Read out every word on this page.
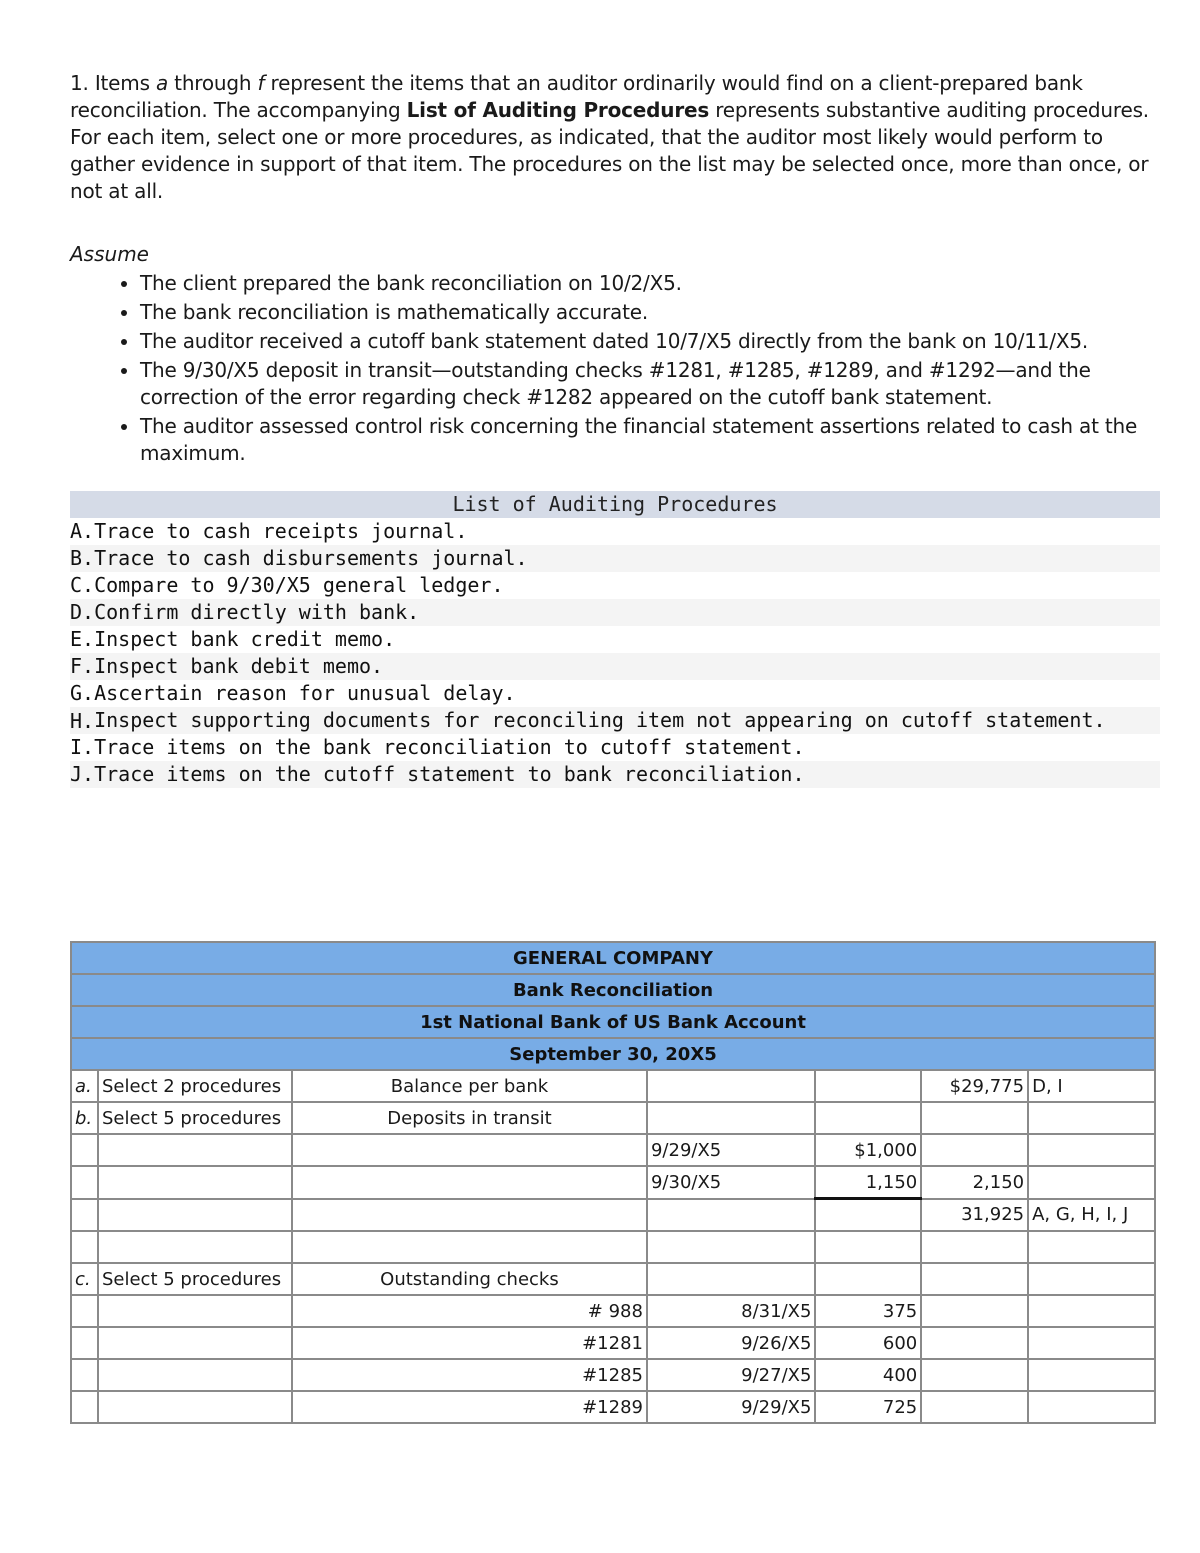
1. Items a through f represent the items that an auditor ordinarily would find on a client-prepared bank reconciliation. The accompanying List of Auditing Procedures represents substantive auditing procedures. For each item, select one or more procedures, as indicated, that the auditor most likely would perform to gather evidence in support of that item. The procedures on the list may be selected once, more than once, or not at all.

Assume

• The client prepared the bank reconciliation on 10/2/X5.
• The bank reconciliation is mathematically accurate.
• The auditor received a cutoff bank statement dated 10/7/X5 directly from the bank on 10/11/X5.
• The 9/30/X5 deposit in transit—outstanding checks #1281, #1285, #1289, and #1292—and the correction of the error regarding check #1282 appeared on the cutoff bank statement.
• The auditor assessed control risk concerning the financial statement assertions related to cash at the maximum.
List of Auditing Procedures
A. Trace to cash receipts journal.
B. Trace to cash disbursements journal.
C. Compare to 9/30/X5 general ledger.
D. Confirm directly with bank.
E. Inspect bank credit memo.
F. Inspect bank debit memo.
G. Ascertain reason for unusual delay.
H. Inspect supporting documents for reconciling item not appearing on cutoff statement.
I. Trace items on the bank reconciliation to cutoff statement.
J. Trace items on the cutoff statement to bank reconciliation.
GENERAL COMPANY						
Bank Reconciliation						
1st National Bank of US Bank Account						
September 30, 20X5						
a.	Select 2 procedures	Balance per bank			$29,775	D, I
b.	Select 5 procedures	Deposits in transit				
			9/29/X5	$1,000		
			9/30/X5	1,150	2,150	
					31,925	A, G, H, I, J

c.	Select 5 procedures	Outstanding checks				
		# 988	8/31/X5	375		
		#1281	9/26/X5	600		
		#1285	9/27/X5	400		
		#1289	9/29/X5	725		
